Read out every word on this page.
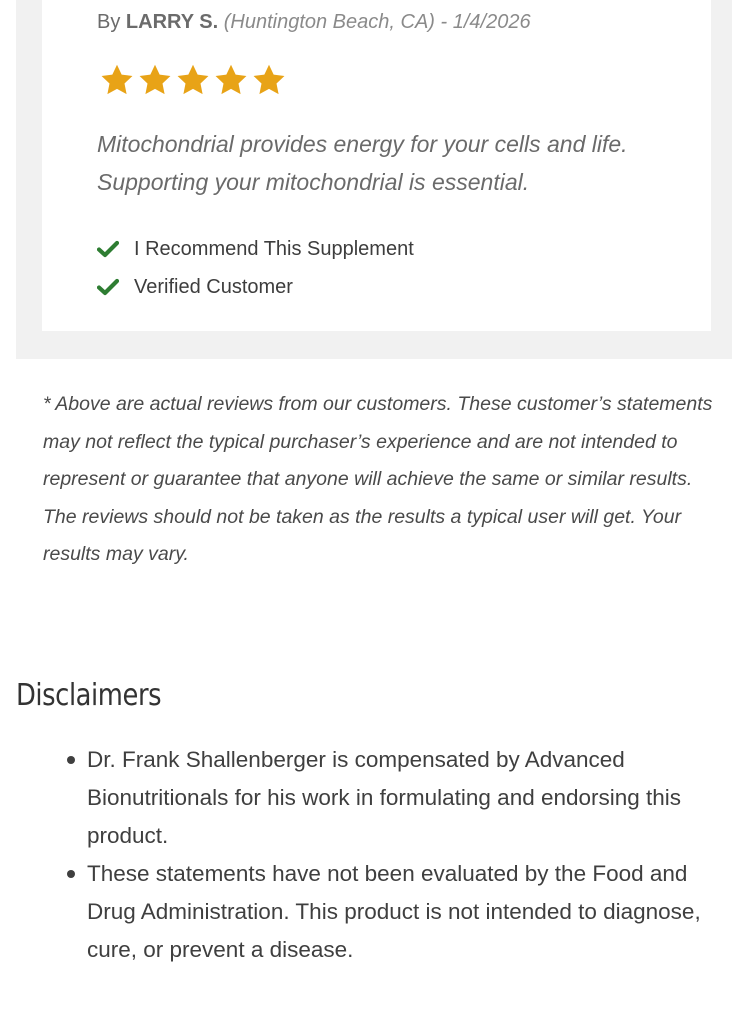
By LARRY S. (Huntington Beach, CA) - 1/4/2026

Mitochondrial provides energy for your cells and life. Supporting your mitochondrial is essential.

I Recommend This Supplement
Verified Customer

* Above are actual reviews from our customers. These customer’s statements may not reflect the typical purchaser’s experience and are not intended to represent or guarantee that anyone will achieve the same or similar results. The reviews should not be taken as the results a typical user will get. Your results may vary.

Disclaimers
Dr. Frank Shallenberger is compensated by Advanced Bionutritionals for his work in formulating and endorsing this product.
These statements have not been evaluated by the Food and Drug Administration. This product is not intended to diagnose, cure, or prevent a disease.
